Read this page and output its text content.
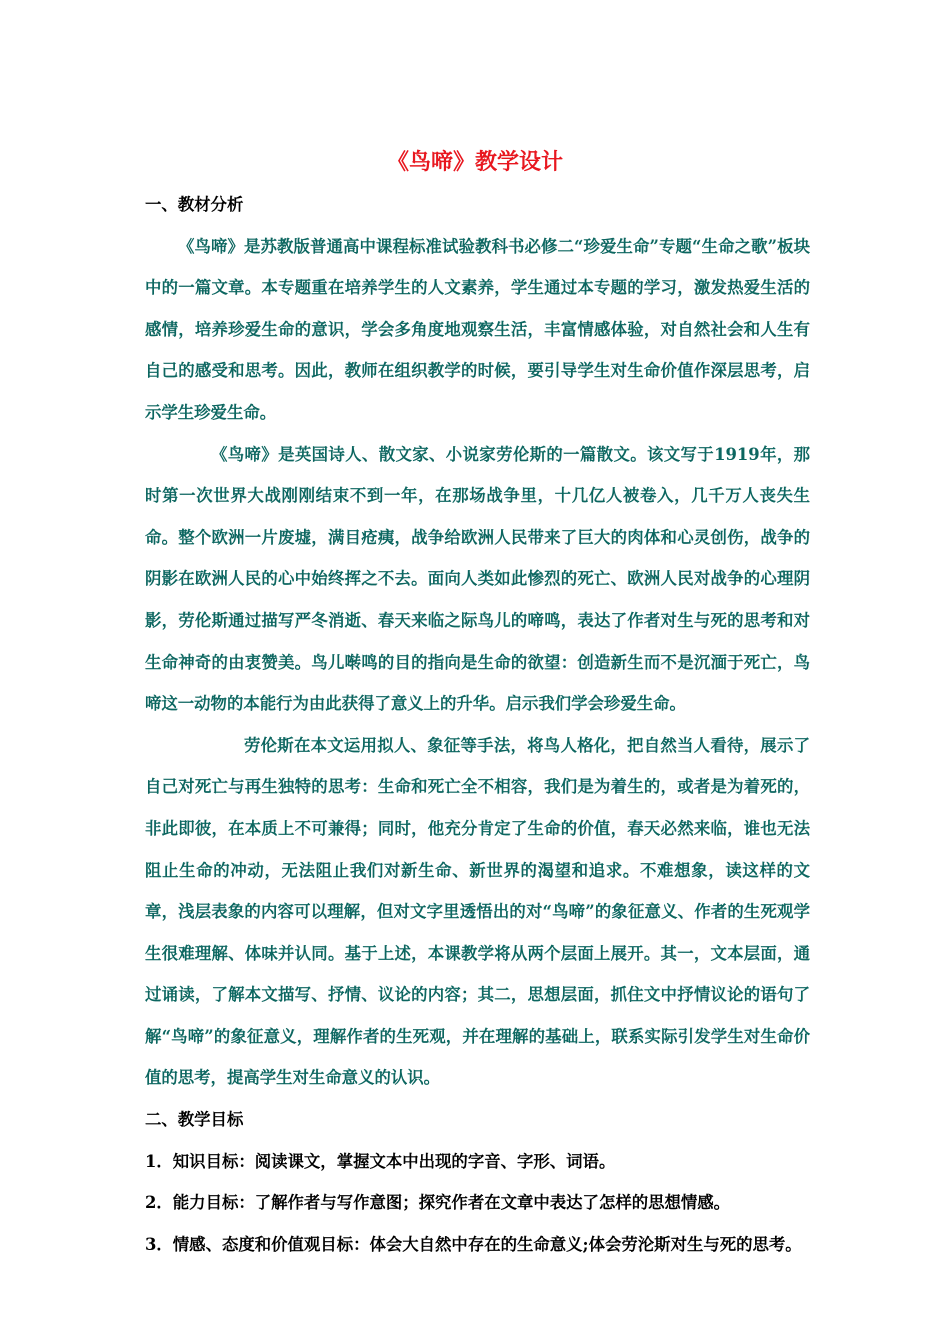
《鸟啼》教学设计

一、教材分析

《鸟啼》是苏教版普通高中课程标准试验教科书必修二“珍爱生命”专题“生命之歌”板块中的一篇文章。本专题重在培养学生的人文素养，学生通过本专题的学习，激发热爱生活的感情，培养珍爱生命的意识，学会多角度地观察生活，丰富情感体验，对自然社会和人生有自己的感受和思考。因此，教师在组织教学的时候，要引导学生对生命价值作深层思考，启示学生珍爱生命。

《鸟啼》是英国诗人、散文家、小说家劳伦斯的一篇散文。该文写于1919年，那时第一次世界大战刚刚结束不到一年，在那场战争里，十几亿人被卷入，几千万人丧失生命。整个欧洲一片废墟，满目疮痍，战争给欧洲人民带来了巨大的肉体和心灵创伤，战争的阴影在欧洲人民的心中始终挥之不去。面向人类如此惨烈的死亡、欧洲人民对战争的心理阴影，劳伦斯通过描写严冬消逝、春天来临之际鸟儿的啼鸣，表达了作者对生与死的思考和对生命神奇的由衷赞美。鸟儿啭鸣的目的指向是生命的欲望：创造新生而不是沉湎于死亡，鸟啼这一动物的本能行为由此获得了意义上的升华。启示我们学会珍爱生命。

劳伦斯在本文运用拟人、象征等手法，将鸟人格化，把自然当人看待，展示了自己对死亡与再生独特的思考：生命和死亡全不相容，我们是为着生的，或者是为着死的，非此即彼，在本质上不可兼得；同时，他充分肯定了生命的价值，春天必然来临，谁也无法阻止生命的冲动，无法阻止我们对新生命、新世界的渴望和追求。不难想象，读这样的文章，浅层表象的内容可以理解，但对文字里透悟出的对“鸟啼”的象征意义、作者的生死观学生很难理解、体味并认同。基于上述，本课教学将从两个层面上展开。其一，文本层面，通过诵读，了解本文描写、抒情、议论的内容；其二，思想层面，抓住文中抒情议论的语句了解“鸟啼”的象征意义，理解作者的生死观，并在理解的基础上，联系实际引发学生对生命价值的思考，提高学生对生命意义的认识。

二、教学目标

1．知识目标：阅读课文，掌握文本中出现的字音、字形、词语。
2．能力目标：了解作者与写作意图；探究作者在文章中表达了怎样的思想情感。
3．情感、态度和价值观目标：体会大自然中存在的生命意义;体会劳沦斯对生与死的思考。
